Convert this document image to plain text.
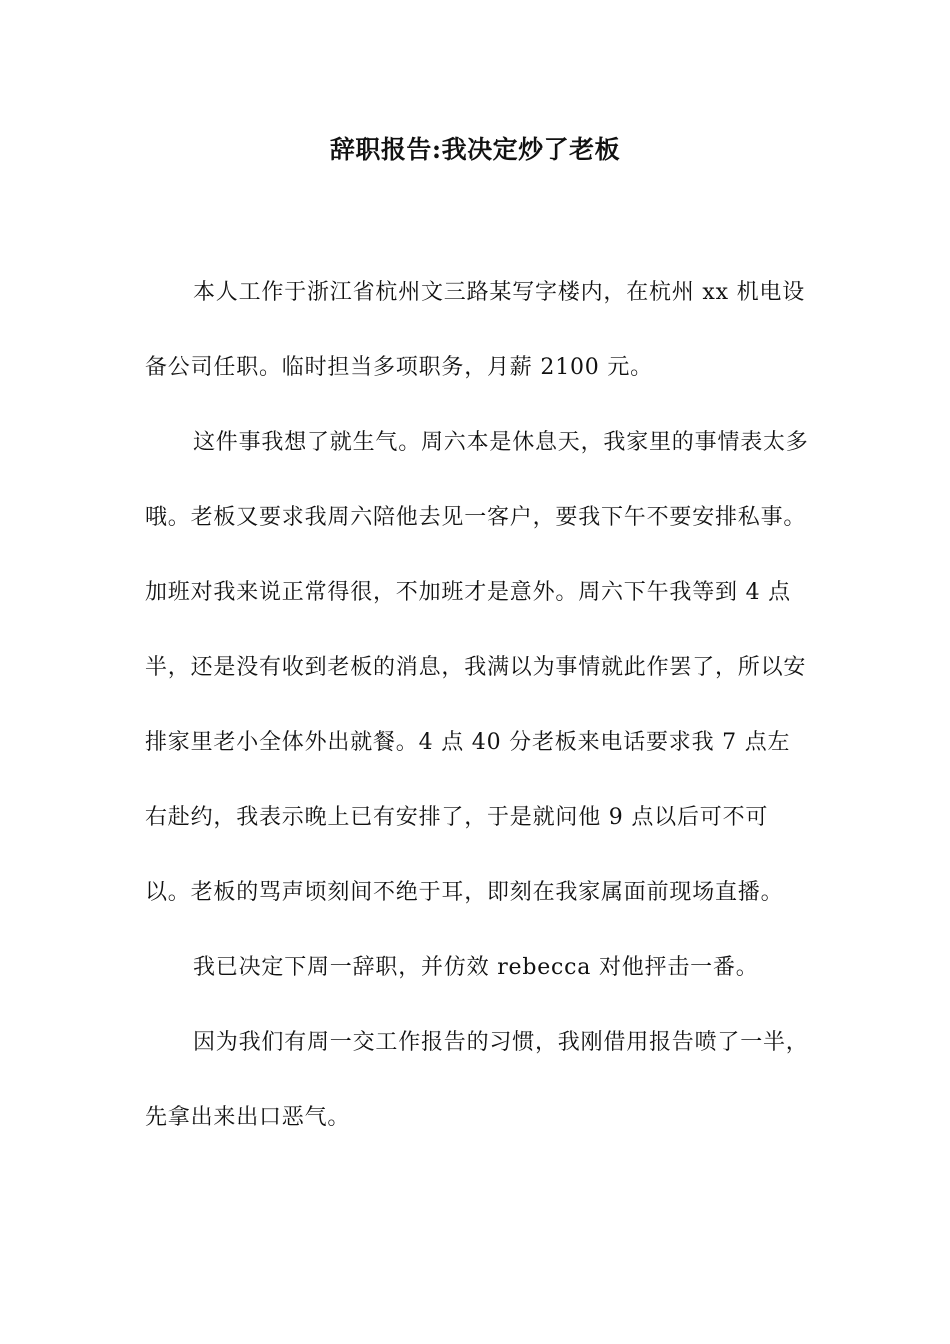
辞职报告:我决定炒了老板

本人工作于浙江省杭州文三路某写字楼内，在杭州 xx 机电设备公司任职。临时担当多项职务，月薪 2100 元。

这件事我想了就生气。周六本是休息天，我家里的事情表太多哦。老板又要求我周六陪他去见一客户，要我下午不要安排私事。加班对我来说正常得很，不加班才是意外。周六下午我等到 4 点半，还是没有收到老板的消息，我满以为事情就此作罢了，所以安排家里老小全体外出就餐。4 点 40 分老板来电话要求我 7 点左右赴约，我表示晚上已有安排了，于是就问他 9 点以后可不可以。老板的骂声顷刻间不绝于耳，即刻在我家属面前现场直播。

我已决定下周一辞职，并仿效 rebecca 对他抨击一番。

因为我们有周一交工作报告的习惯，我刚借用报告喷了一半，先拿出来出口恶气。
